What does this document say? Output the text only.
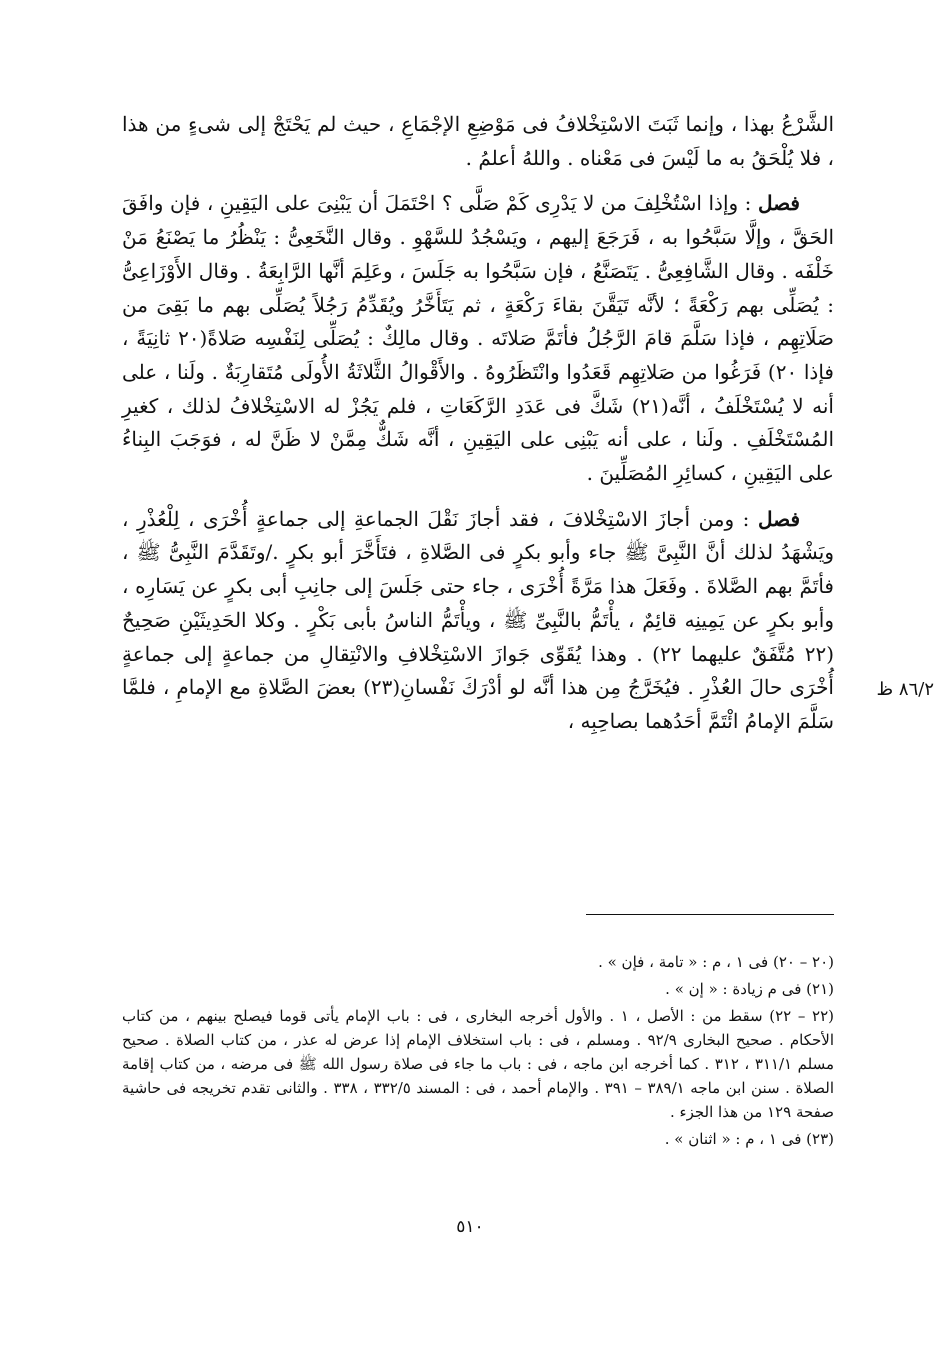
الشَّرْعُ بهذا ، وإنما ثَبَتَ الاسْتِخْلافُ فى مَوْضِعِ الإجْمَاعِ ، حيث لم يَحْتَجْ إلى شىءٍ من هذا ، فلا يُلْحَقُ به ما لَيْسَ فى مَعْناه . واللهُ أعلمُ .

فصل : وإذا اسْتُخْلِفَ من لا يَدْرِى كَمْ صَلَّى ؟ احْتَمَلَ أن يَبْنِىَ على اليَقِينِ ، فإن وافَقَ الحَقَّ ، وإلَّا سَبَّحُوا به ، فَرَجَعَ إليهم ، ويَسْجُدُ للسَّهْوِ . وقال النَّخَعِىُّ : يَنْظُرُ ما يَصْنَعُ مَنْ خَلْفَه . وقال الشَّافِعِىُّ . يَتَصَنَّعُ ، فإن سَبَّحُوا به جَلَسَ ، وعَلِمَ أنَّها الرَّابِعَةُ . وقال الأَوْزَاعِىُّ : يُصَلِّى بهم رَكْعَةً ؛ لأنَّه تَيَقَّنَ بقاءَ رَكْعَةٍ ، ثم يَتَأَخَّرُ ويُقَدِّمُ رَجُلاً يُصَلِّى بهم ما بَقِىَ من صَلَاتِهِم ، فإذا سَلَّمَ قامَ الرَّجُلُ فأتَمَّ صَلاتَه . وقال مالِكٌ : يُصَلِّى لِنَفْسِه صَلاةً(٢٠ ثانِيَةً ، فإذا ٢٠) فَرَغُوا من صَلاتِهِم قَعَدُوا وانْتَظَرُوهُ . والأَقْوالُ الثَّلاثَةُ الأُولَى مُتَقارِبَةٌ . ولَنا ، على أنه لا يُسْتَخْلَفُ ، أنَّه(٢١) شَكَّ فى عَدَدِ الرَّكَعَاتِ ، فلم يَجُزْ له الاسْتِخْلافُ لذلك ، كغيرِ المُسْتَخْلَفِ . ولَنا ، على أنه يَبْنِى على اليَقِينِ ، أنَّه شَكٌّ مِمَّنْ لا ظَنَّ له ، فوَجَبَ البِناءُ على اليَقِينِ ، كسائِرِ المُصَلِّينَ .

فصل : ومن أجازَ الاسْتِخْلافَ ، فقد أجازَ نَقْلَ الجماعةِ إلى جماعةٍ أُخْرَى ، لِلْعُذْرِ ، ويَشْهَدُ لذلك أنَّ النَّبِىَّ ﷺ جاء وأبو بكرٍ فى الصَّلاةِ ، فتَأَخَّرَ أبو بكرٍ ./وتَقَدَّمَ النَّبِىُّ ﷺ ، فأتَمَّ بهم الصَّلاةَ . وفَعَلَ هذا مَرَّةً أُخْرَى ، جاء حتى جَلَسَ إلى جانِبِ أبى بكرٍ عن يَسَارِه ، وأبو بكرٍ عن يَمِينِه قائِمٌ ، يأْتَمُّ بالنَّبِىِّ ﷺ ، ويأْتَمُّ الناسُ بأبى بَكْرٍ . وكلا الحَدِيثَيْنِ صَحِيحٌ (٢٢ مُتَّفَقٌ عليهما ٢٢) . وهذا يُقَوِّى جَوازَ الاسْتِخْلافِ والانْتِقالِ من جماعةٍ إلى جماعةٍ أُخْرَى حالَ العُذْرِ . فيُخَرَّجُ مِن هذا أنَّه لو أدْرَكَ نَفْسانِ(٢٣) بعضَ الصَّلاةِ مع الإمامِ ، فلمَّا سَلَّمَ الإمامُ ائْتَمَّ أحَدُهما بصاحِبِه ،

٨٦/٢ ظ

(٢٠ – ٢٠) فى ١ ، م : « تامة ، فإن » .

(٢١) فى م زيادة : « إن » .

(٢٢ – ٢٢) سقط من : الأصل ، ١ . والأول أخرجه البخارى ، فى : باب الإمام يأتى قوما فيصلح بينهم ، من كتاب الأحكام . صحيح البخارى ٩٢/٩ . ومسلم ، فى : باب استخلاف الإمام إذا عرض له عذر ، من كتاب الصلاة . صحيح مسلم ٣١١/١ ، ٣١٢ . كما أخرجه ابن ماجه ، فى : باب ما جاء فى صلاة رسول الله ﷺ فى مرضه ، من كتاب إقامة الصلاة . سنن ابن ماجه ٣٨٩/١ – ٣٩١ . والإمام أحمد ، فى : المسند ٣٣٢/٥ ، ٣٣٨ . والثانى تقدم تخريجه فى حاشية صفحة ١٢٩ من هذا الجزء .

(٢٣) فى ١ ، م : « اثنان » .

٥١٠
